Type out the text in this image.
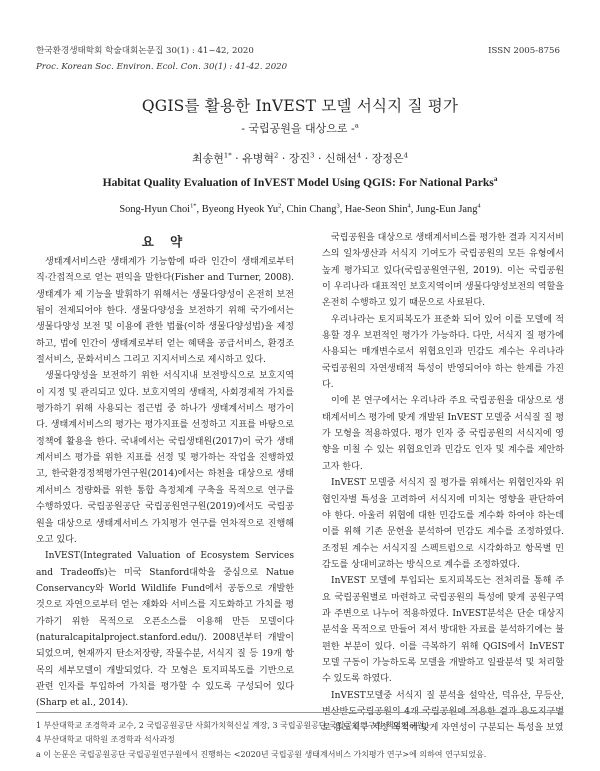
한국환경생태학회 학술대회논문집 30(1) : 41~42, 2020
Proc. Korean Soc. Environ. Ecol. Con. 30(1) : 41-42. 2020
ISSN 2005-8756
QGIS를 활용한 InVEST 모델 서식지 질 평가
- 국립공원을 대상으로 -$^a$
최송현$^{1*}$ · 유병혁$^2$ · 장진$^3$ · 신해선$^4$ · 장정은$^4$
Habitat Quality Evaluation of InVEST Model Using QGIS: For National Parks$^a$
Song-Hyun Choi$^{1*}$, Byeong Hyeok Yu$^2$, Chin Chang$^3$, Hae-Seon Shin$^4$, Jung-Eun Jang$^4$
요 약

생태계서비스란 생태계가 기능함에 따라 인간이 생태계로부터 직·간접적으로 얻는 편익을 말한다(Fisher and Turner, 2008). 생태계가 제 기능을 발휘하기 위해서는 생물다양성이 온전히 보전됨이 전제되어야 한다. 생물다양성을 보전하기 위해 국가에서는 생물다양성 보전 및 이용에 관한 법률(이하 생물다양성법)을 제정하고, 법에 인간이 생태계로부터 얻는 혜택을 공급서비스, 환경조절서비스, 문화서비스 그리고 지지서비스로 제시하고 있다.

생물다양성을 보전하기 위한 서식지내 보전방식으로 보호지역이 지정 및 관리되고 있다. 보호지역의 생태적, 사회경제적 가치를 평가하기 위해 사용되는 접근법 중 하나가 생태계서비스 평가이다. 생태계서비스의 평가는 평가지표를 선정하고 지표를 바탕으로 정책에 활용을 한다. 국내에서는 국립생태원(2017)이 국가 생태계서비스 평가를 위한 지표를 선정 및 평가하는 작업을 진행하였고, 한국환경정책평가연구원(2014)에서는 하천을 대상으로 생태계서비스 정량화를 위한 통합 측정체계 구축을 목적으로 연구를 수행하였다. 국립공원공단 국립공원연구원(2019)에서도 국립공원을 대상으로 생태계서비스 가치평가 연구를 연차적으로 진행해 오고 있다.

InVEST(Integrated Valuation of Ecosystem Services and Tradeoffs)는 미국 Stanford대학을 중심으로 Natue Conservancy와 World Wildlife Fund에서 공동으로 개발한 것으로 자연으로부터 얻는 재화와 서비스를 지도화하고 가치를 평가하기 위한 목적으로 오픈소스를 이용해 만든 모델이다(naturalcapitalproject.stanford.edu/). 2008년부터 개발이 되었으며, 현재까지 탄소저장량, 작물수분, 서식지 질 등 19개 항목의 세부모델이 개발되었다. 각 모형은 토지피복도를 기반으로 관련 인자를 투입하여 가치를 평가할 수 있도록 구성되어 있다(Sharp et al., 2014).

국립공원을 대상으로 생태계서비스를 평가한 결과 지지서비스의 일차생산과 서식지 기여도가 국립공원의 모든 유형에서 높게 평가되고 있다(국립공원연구원, 2019). 이는 국립공원이 우리나라 대표적인 보호지역이며 생물다양성보전의 역할을 온전히 수행하고 있기 때문으로 사료된다.

우리나라는 토지피복도가 표준화 되어 있어 이를 모델에 적용할 경우 보편적인 평가가 가능하다. 다만, 서식지 질 평가에 사용되는 매개변수로서 위협요인과 민감도 계수는 우리나라 국립공원의 자연생태적 특성이 반영되어야 하는 한계를 가진다.

이에 본 연구에서는 우리나라 주요 국립공원을 대상으로 생태계서비스 평가에 맞게 개발된 InVEST 모델중 서식질 질 평가 모형을 적용하였다. 평가 인자 중 국립공원의 서식지에 영향을 미칠 수 있는 위협요인과 민감도 인자 및 계수를 제안하고자 한다.

InVEST 모델중 서식지 질 평가를 위해서는 위협인자와 위협인자별 특성을 고려하여 서식지에 미치는 영향을 판단하여야 한다. 아울러 위협에 대한 민감도를 계수화 하여야 하는데 이를 위해 기존 문헌을 분석하여 민감도 계수를 조정하였다. 조정된 계수는 서식지질 스펙트럼으로 시각화하고 항목별 민감도를 상대비교하는 방식으로 계수를 조정하였다.

InVEST 모델에 투입되는 토지피복도는 전처리를 통해 주요 국립공원별로 마련하고 국립공원의 특성에 맞게 공원구역과 주변으로 나누어 적용하였다. InVEST분석은 단순 대상지 분석을 목적으로 만들어 져서 방대한 자료를 분석하기에는 불편한 부분이 있다. 이를 극복하기 위해 QGIS에서 InVEST 모델 구동이 가능하도록 모델을 개발하고 일괄분석 및 처리할 수 있도록 하였다.

InVEST모델중 서식지 질 분석을 설악산, 덕유산, 무등산, 변산반도국립공원의 4개 국립공원에 적용한 결과 용도지구별로 용도지구 지정 목적에 맞게 자연성이 구분되는 특성을 보였

1 부산대학교 조경학과 교수, 2 국립공원공단 사회가치혁신실 계장, 3 국립공원공단 국립공원연구원 책임연구원,
4 부산대학교 대학원 조경학과 석사과정
a 이 논문은 국립공원공단 국립공원연구원에서 진행하는 <2020년 국립공원 생태계서비스 가치평가 연구>에 의하여 연구되었음.
